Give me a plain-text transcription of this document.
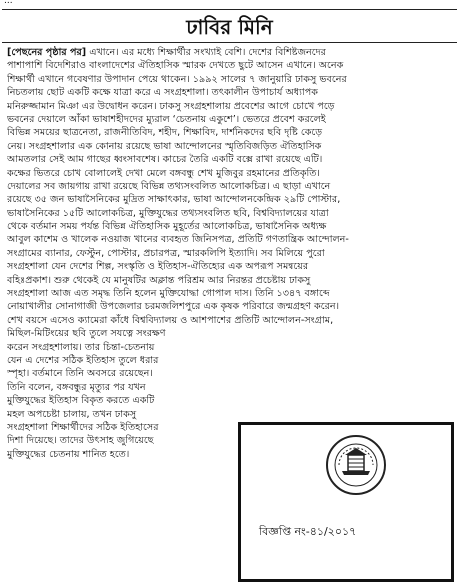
...
ঢাবির মিনি
[পেছনের পৃষ্ঠার পর] এখানে। এর মধ্যে শিক্ষার্থীর সংখ্যাই বেশি। দেশের বিশিষ্টজনদের
পাশাপাশি বিদেশিরাও বাংলাদেশের ঐতিহাসিক স্মারক দেখতে ছুটে আসেন এখানে। অনেক
শিক্ষার্থী এখানে গবেষণার উপাদান পেয়ে থাকেন। ১৯৯২ সালের ৭ জানুয়ারি ঢাকসু ভবনের
নিচতলায় ছোট একটি কক্ষে যাত্রা করে এ সংগ্রহশালা। তৎকালীন উপাচার্য অধ্যাপক
মনিরুজ্জামান মিঞা এর উদ্বোধন করেন। ঢাকসু সংগ্রহশালায় প্রবেশের আগে চোখে পড়ে
ভবনের দেয়ালে আঁকা ভাষাশহীদদের ম্যুরাল ‘চেতনায় একুশে’। ভেতরে প্রবেশ করলেই
বিভিন্ন সময়ের ছাত্রনেতা, রাজনীতিবিদ, শহীদ, শিক্ষাবিদ, দার্শনিকদের ছবি দৃষ্টি কেড়ে
নেয়। সংগ্রহশালার এক কোনায় রয়েছে ভাষা আন্দোলনের স্মৃতিবিজড়িত ঐতিহাসিক
আমতলার সেই আম গাছের ধ্বংসাবশেষ। কাচের তৈরি একটি বক্সে রাখা রয়েছে এটি।
কক্ষের ভিতরে চোখ বোলালেই দেখা মেলে বঙ্গবন্ধু শেখ মুজিবুর রহমানের প্রতিকৃতি।
দেয়ালের সব জায়গায় রাখা রয়েছে বিভিন্ন তথ্যসংবলিত আলোকচিত্র। এ ছাড়া এখানে
রয়েছে ৩৫ জন ভাষাসৈনিকের মুদ্রিত সাক্ষাৎকার, ভাষা আন্দোলনকেন্দ্রিক ২৯টি পোস্টার,
ভাষাসৈনিকের ১৫টি আলোকচিত্র, মুক্তিযুদ্ধের তথ্যসংবলিত ছবি, বিশ্ববিদ্যালয়ের যাত্রা
থেকে বর্তমান সময় পর্যন্ত বিভিন্ন ঐতিহাসিক মুহূর্তের আলোকচিত্র, ভাষাসৈনিক অধ্যক্ষ
আবুল কাশেম ও খালেক নওয়াজ খানের ব্যবহৃত জিনিসপত্র, প্রতিটি গণতান্ত্রিক আন্দোলন-
সংগ্রামের ব্যানার, ফেস্টুন, পোস্টার, প্রচারপত্র, স্মারকলিপি ইত্যাদি। সব মিলিয়ে পুরো
সংগ্রহশালা যেন দেশের শিল্প, সংস্কৃতি ও ইতিহাস-ঐতিহ্যের এক অপরূপ সমন্বয়ের
বহিঃপ্রকাশ। শুরু থেকেই যে মানুষটির অক্লান্ত পরিশ্রম আর নিরন্তর প্রচেষ্টায় ঢাকসু
সংগ্রহশালা আজ এত সমৃদ্ধ তিনি হলেন মুক্তিযোদ্ধা গোপাল দাস। তিনি ১৩৪৭ বঙ্গাব্দে
নোয়াখালীর সোনাগাজী উপজেলার চরমজলিশপুরে এক কৃষক পরিবারে জন্মগ্রহণ করেন।
শেখ বয়সে এসেও ক্যামেরা কাঁধে বিশ্ববিদ্যালয় ও আশপাশের প্রতিটি আন্দোলন-সংগ্রাম,
মিছিল-মিটিংয়ের ছবি তুলে সযত্নে সংরক্ষণ
করেন সংগ্রহশালায়। তার চিন্তা-চেতনায়
যেন এ দেশের সঠিক ইতিহাস তুলে ধরার
স্পৃহা। বর্তমানে তিনি অবসরে রয়েছেন।
তিনি বলেন, বঙ্গবন্ধুর মৃত্যুর পর যখন
মুক্তিযুদ্ধের ইতিহাস বিকৃত করতে একটি
মহল অপচেষ্টা চালায়, তখন ঢাকসু
সংগ্রহশালা শিক্ষার্থীদের সঠিক ইতিহাসের
দিশা দিয়েছে। তাদের উৎসাহ জুগিয়েছে
মুক্তিযুদ্ধের চেতনায় শানিত হতে।
বিজ্ঞপ্তি নং-৪১/২০১৭
